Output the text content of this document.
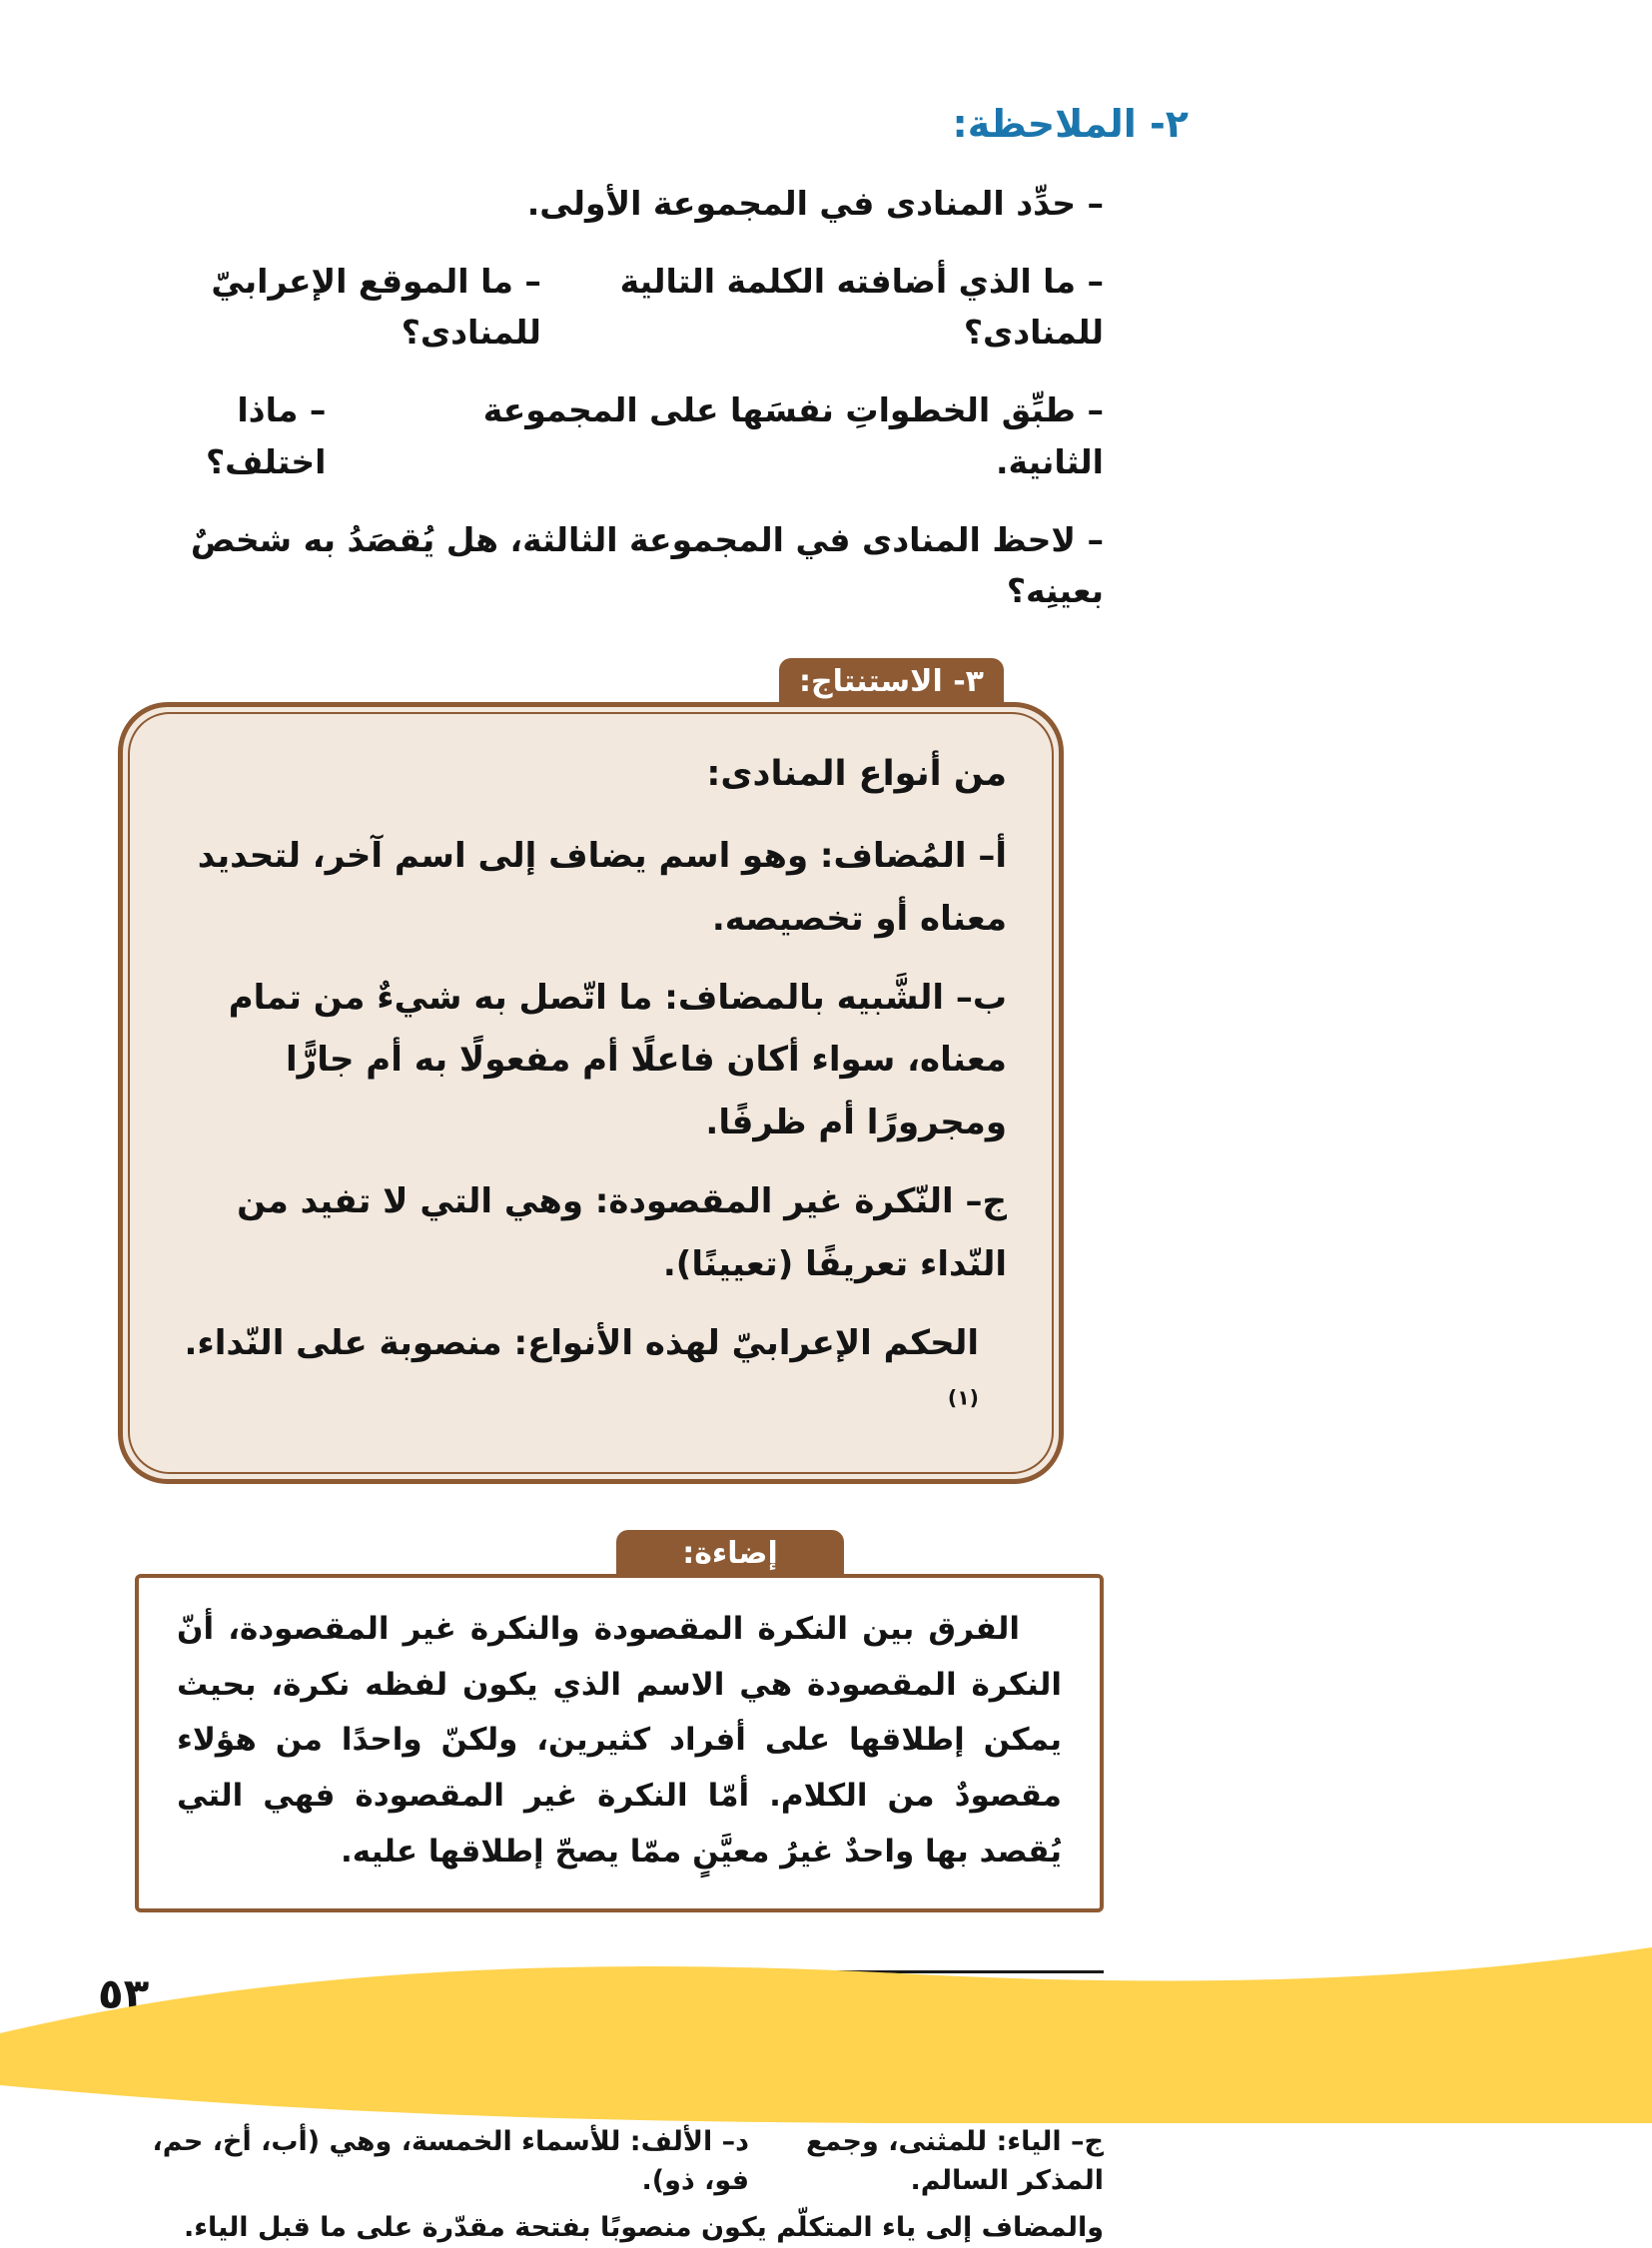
٢- الملاحظة:
– حدِّد المنادى في المجموعة الأولى.
– ما الذي أضافته الكلمة التالية للمنادى؟
– ما الموقع الإعرابيّ للمنادى؟
– طبِّق الخطواتِ نفسَها على المجموعة الثانية.
– ماذا اختلف؟
– لاحظ المنادى في المجموعة الثالثة، هل يُقصَدُ به شخصٌ بعينِه؟
٣- الاستنتاج:
من أنواع المنادى:
أ– المُضاف: وهو اسم يضاف إلى اسم آخر، لتحديد معناه أو تخصيصه.
ب– الشَّبيه بالمضاف: ما اتّصل به شيءٌ من تمام معناه، سواء أكان فاعلًا أم مفعولًا به أم جارًّا ومجرورًا أم ظرفًا.
ج– النّكرة غير المقصودة: وهي التي لا تفيد من النّداء تعريفًا (تعيينًا).
الحكم الإعرابيّ لهذه الأنواع: منصوبة على النّداء.$^{(١)}$
إضاءة:
الفرق بين النكرة المقصودة والنكرة غير المقصودة، أنّ النكرة المقصودة هي الاسم الذي يكون لفظه نكرة، بحيث يمكن إطلاقها على أفراد كثيرين، ولكنّ واحدًا من هؤلاء مقصودٌ من الكلام. أمّا النكرة غير المقصودة فهي التي يُقصد بها واحدٌ غيرُ معيَّنٍ ممّا يصحّ إطلاقها عليه.
ج– الياء: للمثنى، وجمع المذكر السالم.
د– الألف: للأسماء الخمسة، وهي (أب، أخ، حم، فو، ذو).
والمضاف إلى ياء المتكلّم يكون منصوبًا بفتحة مقدّرة على ما قبل الياء.
٥٣
